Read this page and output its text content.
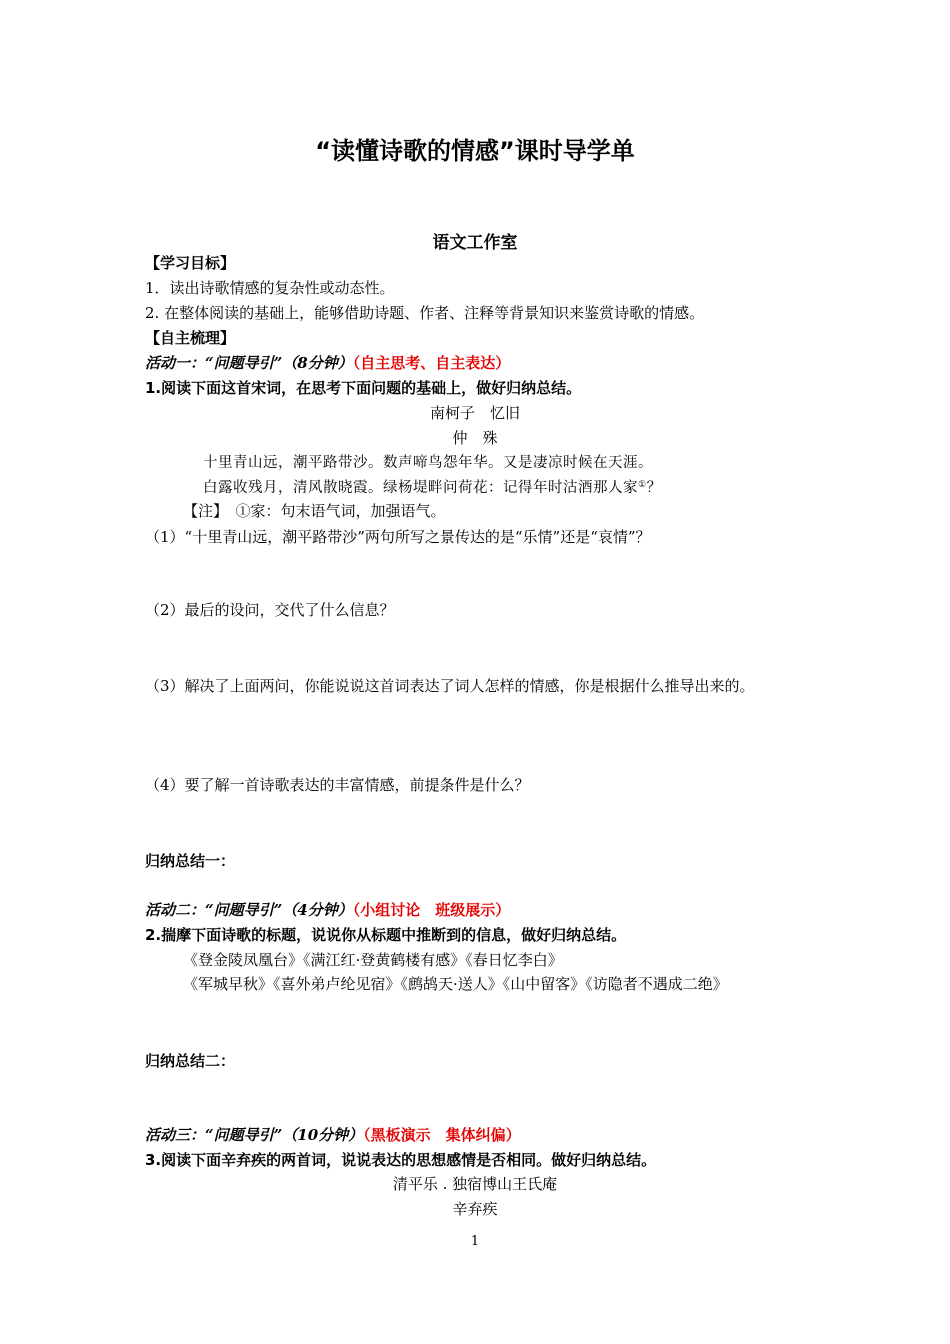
“读懂诗歌的情感”课时导学单
语文工作室
【学习目标】
1．读出诗歌情感的复杂性或动态性。
2. 在整体阅读的基础上，能够借助诗题、作者、注释等背景知识来鉴赏诗歌的情感。
【自主梳理】
活动一：“问题导引”（8分钟）（自主思考、自主表达）
1.阅读下面这首宋词，在思考下面问题的基础上，做好归纳总结。
南柯子　忆旧
仲　殊
十里青山远，潮平路带沙。数声啼鸟怨年华。又是凄凉时候在天涯。
白露收残月，清风散晓霞。绿杨堤畔问荷花：记得年时沽酒那人家①？
【注】　①家：句末语气词，加强语气。
（1）“十里青山远，潮平路带沙”两句所写之景传达的是“乐情”还是“哀情”？
（2）最后的设问，交代了什么信息？
（3）解决了上面两问，你能说说这首词表达了词人怎样的情感，你是根据什么推导出来的。
（4）要了解一首诗歌表达的丰富情感，前提条件是什么？
归纳总结一：
活动二：“问题导引”（4分钟）（小组讨论　班级展示）
2.揣摩下面诗歌的标题，说说你从标题中推断到的信息，做好归纳总结。
《登金陵凤凰台》《满江红·登黄鹤楼有感》《春日忆李白》
《军城早秋》《喜外弟卢纶见宿》《鹧鸪天·送人》《山中留客》《访隐者不遇成二绝》
归纳总结二：
活动三：“问题导引”（10分钟）（黑板演示　集体纠偏）
3.阅读下面辛弃疾的两首词，说说表达的思想感情是否相同。做好归纳总结。
清平乐 . 独宿博山王氏庵
辛弃疾
1
